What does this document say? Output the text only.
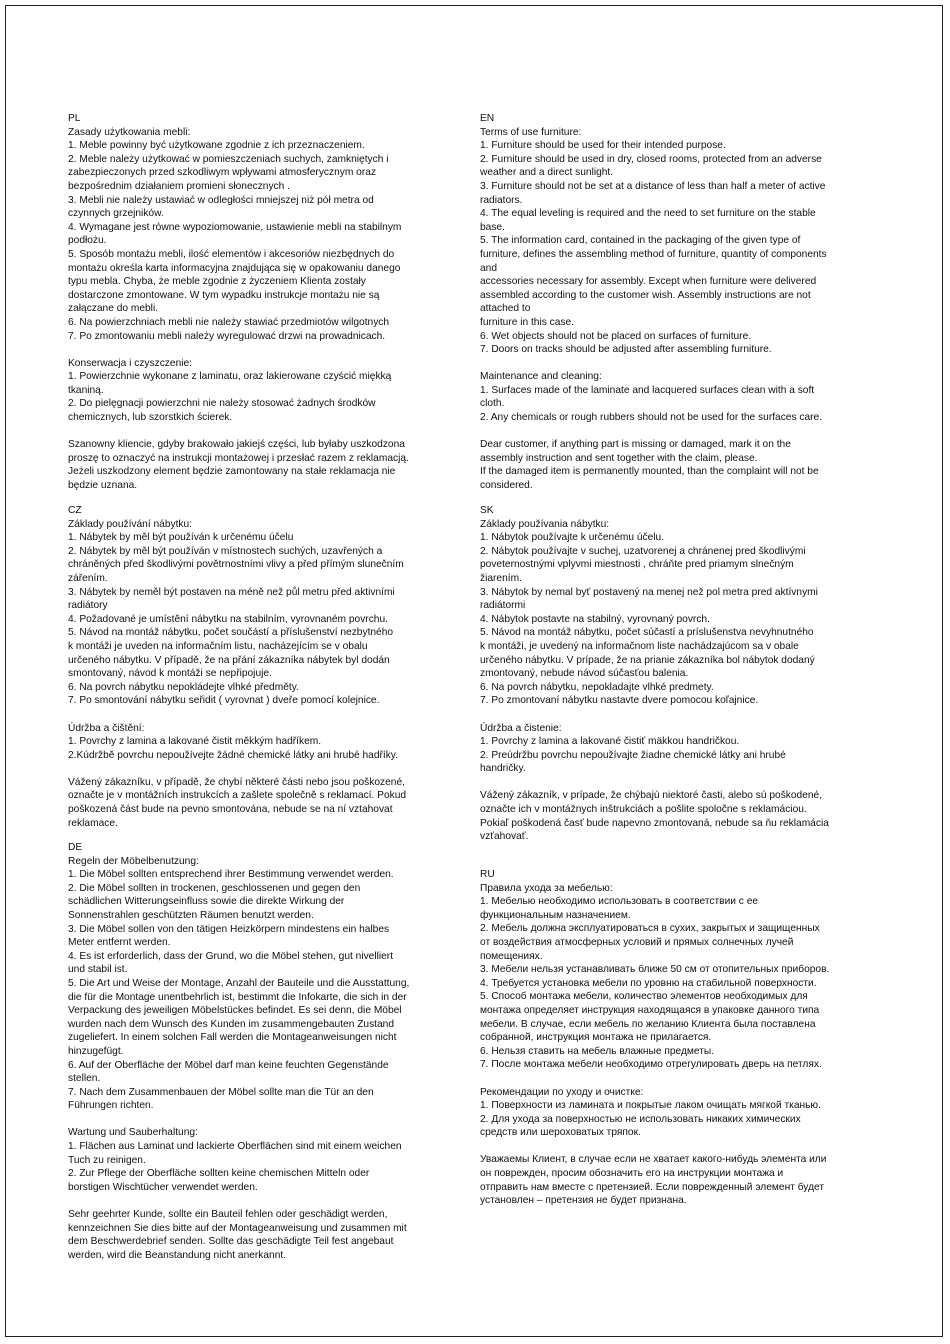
PL
Zasady użytkowania mebli:
1. Meble powinny być użytkowane zgodnie z ich przeznaczeniem.
2. Meble należy użytkować w pomieszczeniach suchych, zamkniętych i
zabezpieczonych przed szkodliwym wpływami atmosferycznym oraz
bezpośrednim działaniem promieni słonecznych .
3. Mebli nie należy ustawiać w odległości mniejszej niż pół metra od
czynnych grzejników.
4. Wymagane jest równe wypoziomowanie, ustawienie mebli na stabilnym
podłożu.
5. Sposób montażu mebli, ilość elementów i akcesoriów niezbędnych do
montażu określa karta informacyjna znajdująca się w opakowaniu danego
typu mebla. Chyba, że meble zgodnie z życzeniem Klienta zostały
dostarczone zmontowane. W tym wypadku instrukcje montażu nie są
załączane do mebli.
6. Na powierzchniach mebli nie należy stawiać przedmiotów wilgotnych
7. Po zmontowaniu mebli należy wyregulować drzwi na prowadnicach.
Konserwacja i czyszczenie:
1. Powierzchnie wykonane z laminatu, oraz lakierowane czyścić miękką
tkaniną.
2. Do pielęgnacji powierzchni nie należy stosować żadnych środków
chemicznych, lub szorstkich ścierek.
Szanowny kliencie, gdyby brakowało jakiejś części, lub byłaby uszkodzona
proszę to oznaczyć na instrukcji montażowej i przesłać razem z reklamacją.
Jeżeli uszkodzony element będzie zamontowany na stałe reklamacja nie
będzie uznana.
EN
Terms of use furniture:
1. Furniture should be used for their intended purpose.
2. Furniture should be used in dry, closed rooms, protected from an adverse
weather and a direct sunlight.
3. Furniture should not be set at a distance of less than half a meter of active
radiators.
4. The equal leveling is required and the need to set furniture on the stable
base.
5. The information card, contained in the packaging of the given type of
furniture, defines the assembling method of furniture, quantity of components
and
accessories necessary for assembly. Except when furniture were delivered
assembled according to the customer wish. Assembly instructions are not
attached to
furniture in this case.
6. Wet objects should not be placed on surfaces of furniture.
7. Doors on tracks should be adjusted after assembling furniture.
Maintenance and cleaning:
1. Surfaces made of the laminate and lacquered surfaces clean with a soft
cloth.
2. Any chemicals or rough rubbers should not be used for the surfaces care.
Dear customer, if anything part is missing or damaged, mark it on the
assembly instruction and sent together with the claim, please.
If the damaged item is permanently mounted, than the complaint will not be
considered.
CZ
Základy používání nábytku:
1. Nábytek by měl být používán k určenému účelu
2. Nábytek by měl být používán v místnostech suchých, uzavřených a
chráněných před škodlivými povětrnostními vlivy a před přímým slunečním
zářením.
3. Nábytek by neměl být postaven na méně než půl metru před aktivními
radiátory
4. Požadované je umístění nábytku na stabilním, vyrovnaném povrchu.
5. Návod na montáž nábytku, počet součástí a příslušenství nezbytného
k montáži je uveden na informačním listu, nacházejícím se v obalu
určeného nábytku. V případě, že na přání zákazníka nábytek byl dodán
smontovaný, návod k montáži se nepřipojuje.
6. Na povrch nábytku nepokládejte vlhké předměty.
7. Po smontování nábytku seřidit ( vyrovnat ) dveře pomocí kolejnice.
Údržba a čištění:
1. Povrchy z lamina a lakované čistit měkkým hadříkem.
2.Kúdržbě povrchu nepoužívejte žádné chemické látky ani hrubé hadříky.
Vážený zákazníku, v případě, že chybí některé části nebo jsou poškozené,
označte je v montážních instrukcích a zašlete společně s reklamací. Pokud
poškozená část bude na pevno smontována, nebude se na ní vztahovat
reklamace.
SK
Základy používania nábytku:
1. Nábytok používajte k určenému účelu.
2. Nábytok používajte v suchej, uzatvorenej a chránenej pred škodlivými
poveternostnými vplyvmi miestnosti , chráňte pred priamym slnečným
žiarením.
3. Nábytok by nemal byť postavený na menej než pol metra pred aktívnymi
radiátormi
4. Nábytok postavte na stabilný, vyrovnaný povrch.
5. Návod na montáž nábytku, počet súčastí a príslušenstva nevyhnutného
k montáži, je uvedený na informačnom liste nachádzajúcom sa v obale
určeného nábytku. V prípade, že na prianie zákazníka bol nábytok dodaný
zmontovaný, nebude návod súčasťou balenia.
6. Na povrch nábytku, nepokladajte vlhké predmety.
7. Po zmontovaní nábytku nastavte dvere pomocou koľajnice.
Údržba a čistenie:
1. Povrchy z lamina a lakované čistiť mäkkou handričkou.
2. Preúdržbu povrchu nepoužívajte žiadne chemické látky ani hrubé
handričky.
Vážený zákazník, v prípade, že chýbajú niektoré časti, alebo sú poškodené,
označte ich v montážnych inštrukciách a pošlite spoločne s reklamáciou.
Pokiaľ poškodená časť bude napevno zmontovaná, nebude sa ňu reklamácia
vzťahovať.
DE
Regeln der Möbelbenutzung:
1. Die Möbel sollten entsprechend ihrer Bestimmung verwendet werden.
2. Die Möbel sollten in trockenen, geschlossenen und gegen den
schädlichen Witterungseinfluss sowie die direkte Wirkung der
Sonnenstrahlen geschützten Räumen benutzt werden.
3. Die Möbel sollen von den tätigen Heizkörpern mindestens ein halbes
Meter entfernt werden.
4. Es ist erforderlich, dass der Grund, wo die Möbel stehen, gut nivelliert
und stabil ist.
5. Die Art und Weise der Montage, Anzahl der Bauteile und die Ausstattung,
die für die Montage unentbehrlich ist, bestimmt die Infokarte, die sich in der
Verpackung des jeweiligen Möbelstückes befindet. Es sei denn, die Möbel
wurden nach dem Wunsch des Kunden im zusammengebauten Zustand
zugeliefert. In einem solchen Fall werden die Montageanweisungen nicht
hinzugefügt.
6. Auf der Oberfläche der Möbel darf man keine feuchten Gegenstände
stellen.
7. Nach dem Zusammenbauen der Möbel sollte man die Tür an den
Führungen richten.
Wartung und Sauberhaltung:
1. Flächen aus Laminat und lackierte Oberflächen sind mit einem weichen
Tuch zu reinigen.
2. Zur Pflege der Oberfläche sollten keine chemischen Mitteln oder
borstigen Wischtücher verwendet werden.
Sehr geehrter Kunde, sollte ein Bauteil fehlen oder geschädigt werden,
kennzeichnen Sie dies bitte auf der Montageanweisung und zusammen mit
dem Beschwerdebrief senden. Sollte das geschädigte Teil fest angebaut
werden, wird die Beanstandung nicht anerkannt.
RU
Правила ухода за мебелью:
1. Мебелью необходимо использовать в соответствии с ее
функциональным назначением.
2. Мебель должна эксплуатироваться в сухих, закрытых и защищенных
от воздействия атмосферных условий и прямых солнечных лучей
помещениях.
3. Мебели нельзя устанавливать ближе 50 см от отопительных приборов.
4. Требуется установка мебели по уровню на стабильной поверхности.
5. Способ монтажа мебели, количество элементов необходимых для
монтажа определяет инструкция находящаяся в упаковке данного типа
мебели. В случае, если мебель по желанию Клиента была поставлена
собранной, инструкция монтажа не прилагается.
6. Нельзя ставить на мебель влажные предметы.
7. После монтажа мебели необходимо отрегулировать дверь на петлях.
Рекомендации по уходу и очистке:
1. Поверхности из ламината и покрытые лаком очищать мягкой тканью.
2. Для ухода за поверхностью не использовать никаких химических
средств или шероховатых тряпок.
Уважаемы Клиент, в случае если не хватает какого-нибудь элемента или
он поврежден, просим обозначить его на инструкции монтажа и
отправить нам вместе с претензией. Если поврежденный элемент будет
установлен – претензия не будет признана.
